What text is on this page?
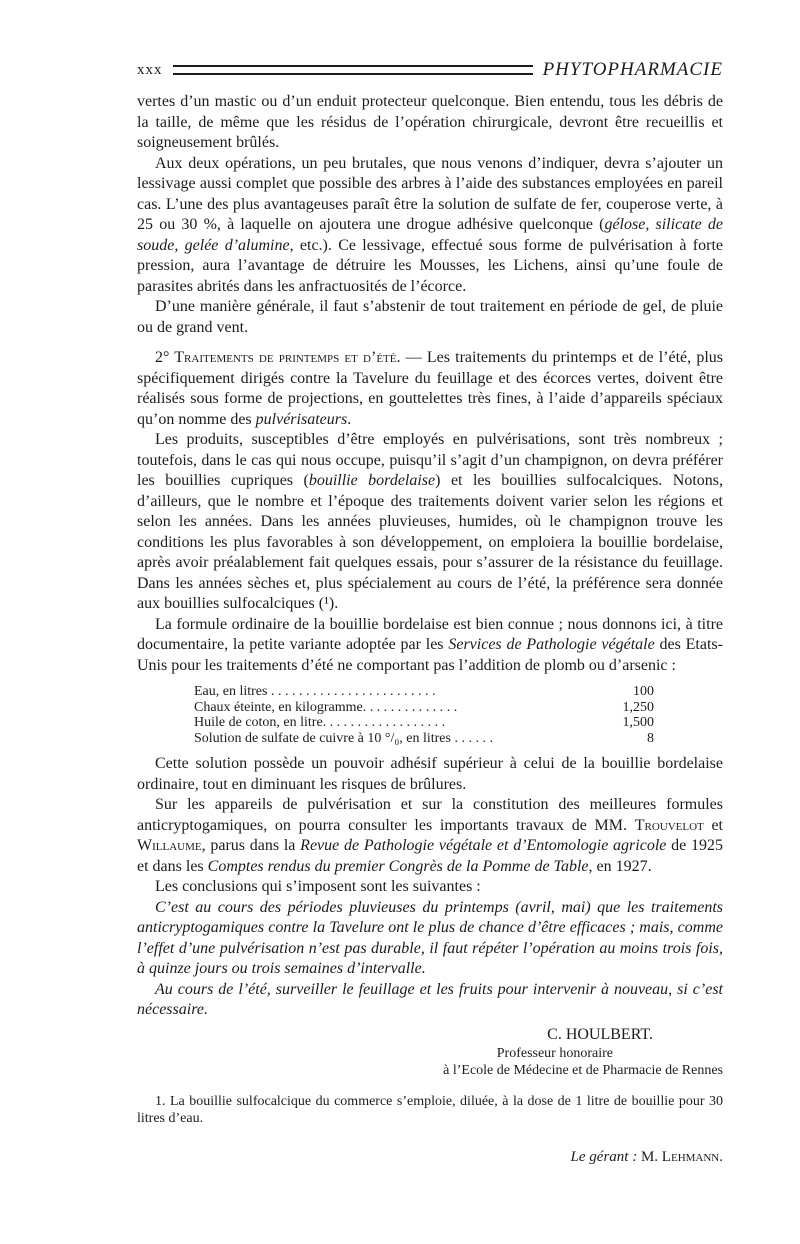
xxx	PHYTOPHARMACIE

vertes d’un mastic ou d’un enduit protecteur quelconque. Bien entendu, tous les débris de la taille, de même que les résidus de l’opération chirurgicale, devront être recueillis et soigneusement brûlés.

Aux deux opérations, un peu brutales, que nous venons d’indiquer, devra s’ajouter un lessivage aussi complet que possible des arbres à l’aide des substances employées en pareil cas. L’une des plus avantageuses paraît être la solution de sulfate de fer, couperose verte, à 25 ou 30 %, à laquelle on ajoutera une drogue adhésive quelconque (gélose, silicate de soude, gelée d’alumine, etc.). Ce lessivage, effectué sous forme de pulvérisation à forte pression, aura l’avantage de détruire les Mousses, les Lichens, ainsi qu’une foule de parasites abrités dans les anfractuosités de l’écorce.

D’une manière générale, il faut s’abstenir de tout traitement en période de gel, de pluie ou de grand vent.

2° Traitements de printemps et d’été. — Les traitements du printemps et de l’été, plus spécifiquement dirigés contre la Tavelure du feuillage et des écorces vertes, doivent être réalisés sous forme de projections, en gouttelettes très fines, à l’aide d’appareils spéciaux qu’on nomme des pulvérisateurs.

Les produits, susceptibles d’être employés en pulvérisations, sont très nombreux ; toutefois, dans le cas qui nous occupe, puisqu’il s’agit d’un champignon, on devra préférer les bouillies cupriques (bouillie bordelaise) et les bouillies sulfocalciques. Notons, d’ailleurs, que le nombre et l’époque des traitements doivent varier selon les régions et selon les années. Dans les années pluvieuses, humides, où le champignon trouve les conditions les plus favorables à son développement, on emploiera la bouillie bordelaise, après avoir préalablement fait quelques essais, pour s’assurer de la résistance du feuillage. Dans les années sèches et, plus spécialement au cours de l’été, la préférence sera donnée aux bouillies sulfocalciques (¹).

La formule ordinaire de la bouillie bordelaise est bien connue ; nous donnons ici, à titre documentaire, la petite variante adoptée par les Services de Pathologie végétale des Etats-Unis pour les traitements d’été ne comportant pas l’addition de plomb ou d’arsenic :

Eau, en litres . . . . . . . . . . . . . . . . . . . . . . . .	100
Chaux éteinte, en kilogramme. . . . . . . . . . . . . .	1,250
Huile de coton, en litre. . . . . . . . . . . . . . . . . .	1,500
Solution de sulfate de cuivre à 10 °/₀, en litres . . . . . .	8

Cette solution possède un pouvoir adhésif supérieur à celui de la bouillie bordelaise ordinaire, tout en diminuant les risques de brûlures.

Sur les appareils de pulvérisation et sur la constitution des meilleures formules anticryptogamiques, on pourra consulter les importants travaux de MM. Trouvelot et Willaume, parus dans la Revue de Pathologie végétale et d’Entomologie agricole de 1925 et dans les Comptes rendus du premier Congrès de la Pomme de Table, en 1927.

Les conclusions qui s’imposent sont les suivantes :

C’est au cours des périodes pluvieuses du printemps (avril, mai) que les traitements anticryptogamiques contre la Tavelure ont le plus de chance d’être efficaces ; mais, comme l’effet d’une pulvérisation n’est pas durable, il faut répéter l’opération au moins trois fois, à quinze jours ou trois semaines d’intervalle.

Au cours de l’été, surveiller le feuillage et les fruits pour intervenir à nouveau, si c’est nécessaire.

C. HOULBERT.
Professeur honoraire
à l’Ecole de Médecine et de Pharmacie de Rennes

1. La bouillie sulfocalcique du commerce s’emploie, diluée, à la dose de 1 litre de bouillie pour 30 litres d’eau.

Le gérant : M. Lehmann.
